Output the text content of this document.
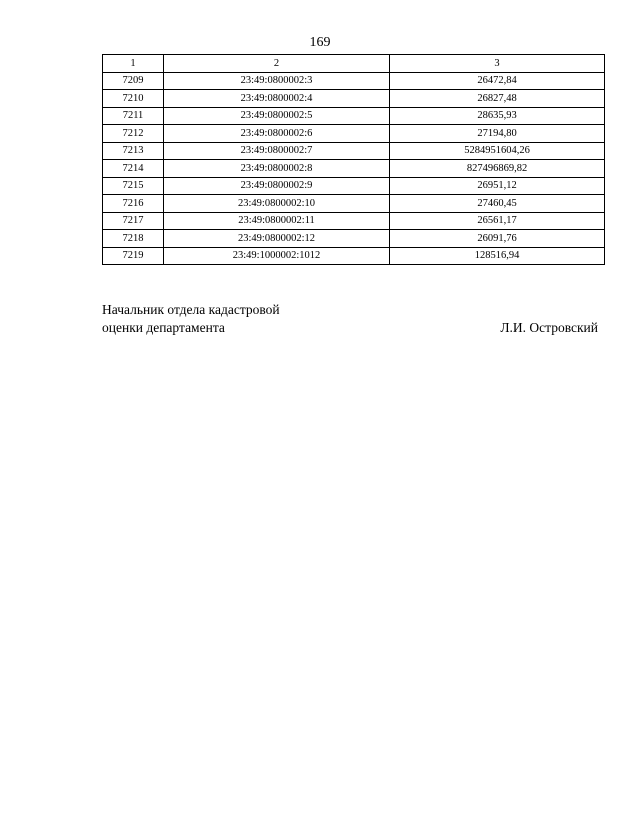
169
1	2	3
7209	23:49:0800002:3	26472,84
7210	23:49:0800002:4	26827,48
7211	23:49:0800002:5	28635,93
7212	23:49:0800002:6	27194,80
7213	23:49:0800002:7	5284951604,26
7214	23:49:0800002:8	827496869,82
7215	23:49:0800002:9	26951,12
7216	23:49:0800002:10	27460,45
7217	23:49:0800002:11	26561,17
7218	23:49:0800002:12	26091,76
7219	23:49:1000002:1012	128516,94
Начальник отдела кадастровой
оценки департамента	Л.И. Островский
